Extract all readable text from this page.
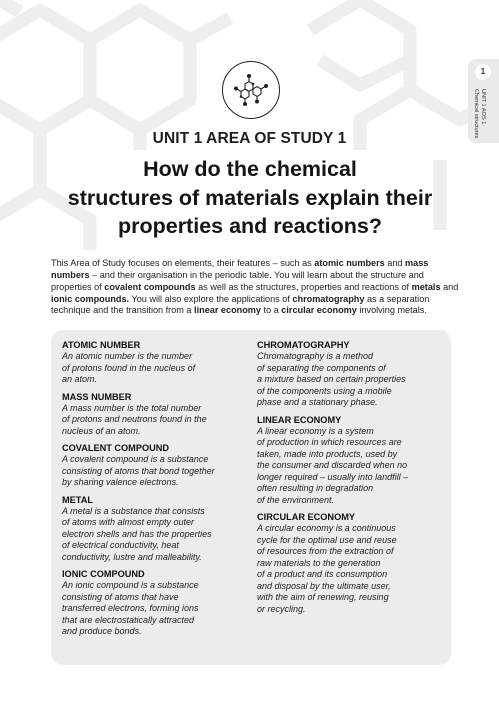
1
UNIT 1 AOS 1
Chemical structures
UNIT 1 AREA OF STUDY 1
How do the chemical
structures of materials explain their
properties and reactions?

This Area of Study focuses on elements, their features – such as atomic numbers and mass numbers – and their organisation in the periodic table. You will learn about the structure and properties of covalent compounds as well as the structures, properties and reactions of metals and ionic compounds. You will also explore the applications of chromatography as a separation technique and the transition from a linear economy to a circular economy involving metals.

ATOMIC NUMBER

An atomic number is the number
of protons found in the nucleus of
an atom.

MASS NUMBER

A mass number is the total number
of protons and neutrons found in the
nucleus of an atom.

COVALENT COMPOUND

A covalent compound is a substance
consisting of atoms that bond together
by sharing valence electrons.

METAL

A metal is a substance that consists
of atoms with almost empty outer
electron shells and has the properties
of electrical conductivity, heat
conductivity, lustre and malleability.

IONIC COMPOUND

An ionic compound is a substance
consisting of atoms that have
transferred electrons, forming ions
that are electrostatically attracted
and produce bonds.

CHROMATOGRAPHY

Chromatography is a method
of separating the components of
a mixture based on certain properties
of the components using a mobile
phase and a stationary phase.

LINEAR ECONOMY

A linear economy is a system
of production in which resources are
taken, made into products, used by
the consumer and discarded when no
longer required – usually into landfill –
often resulting in degradation
of the environment.

CIRCULAR ECONOMY

A circular economy is a continuous
cycle for the optimal use and reuse
of resources from the extraction of
raw materials to the generation
of a product and its consumption
and disposal by the ultimate user,
with the aim of renewing, reusing
or recycling.
